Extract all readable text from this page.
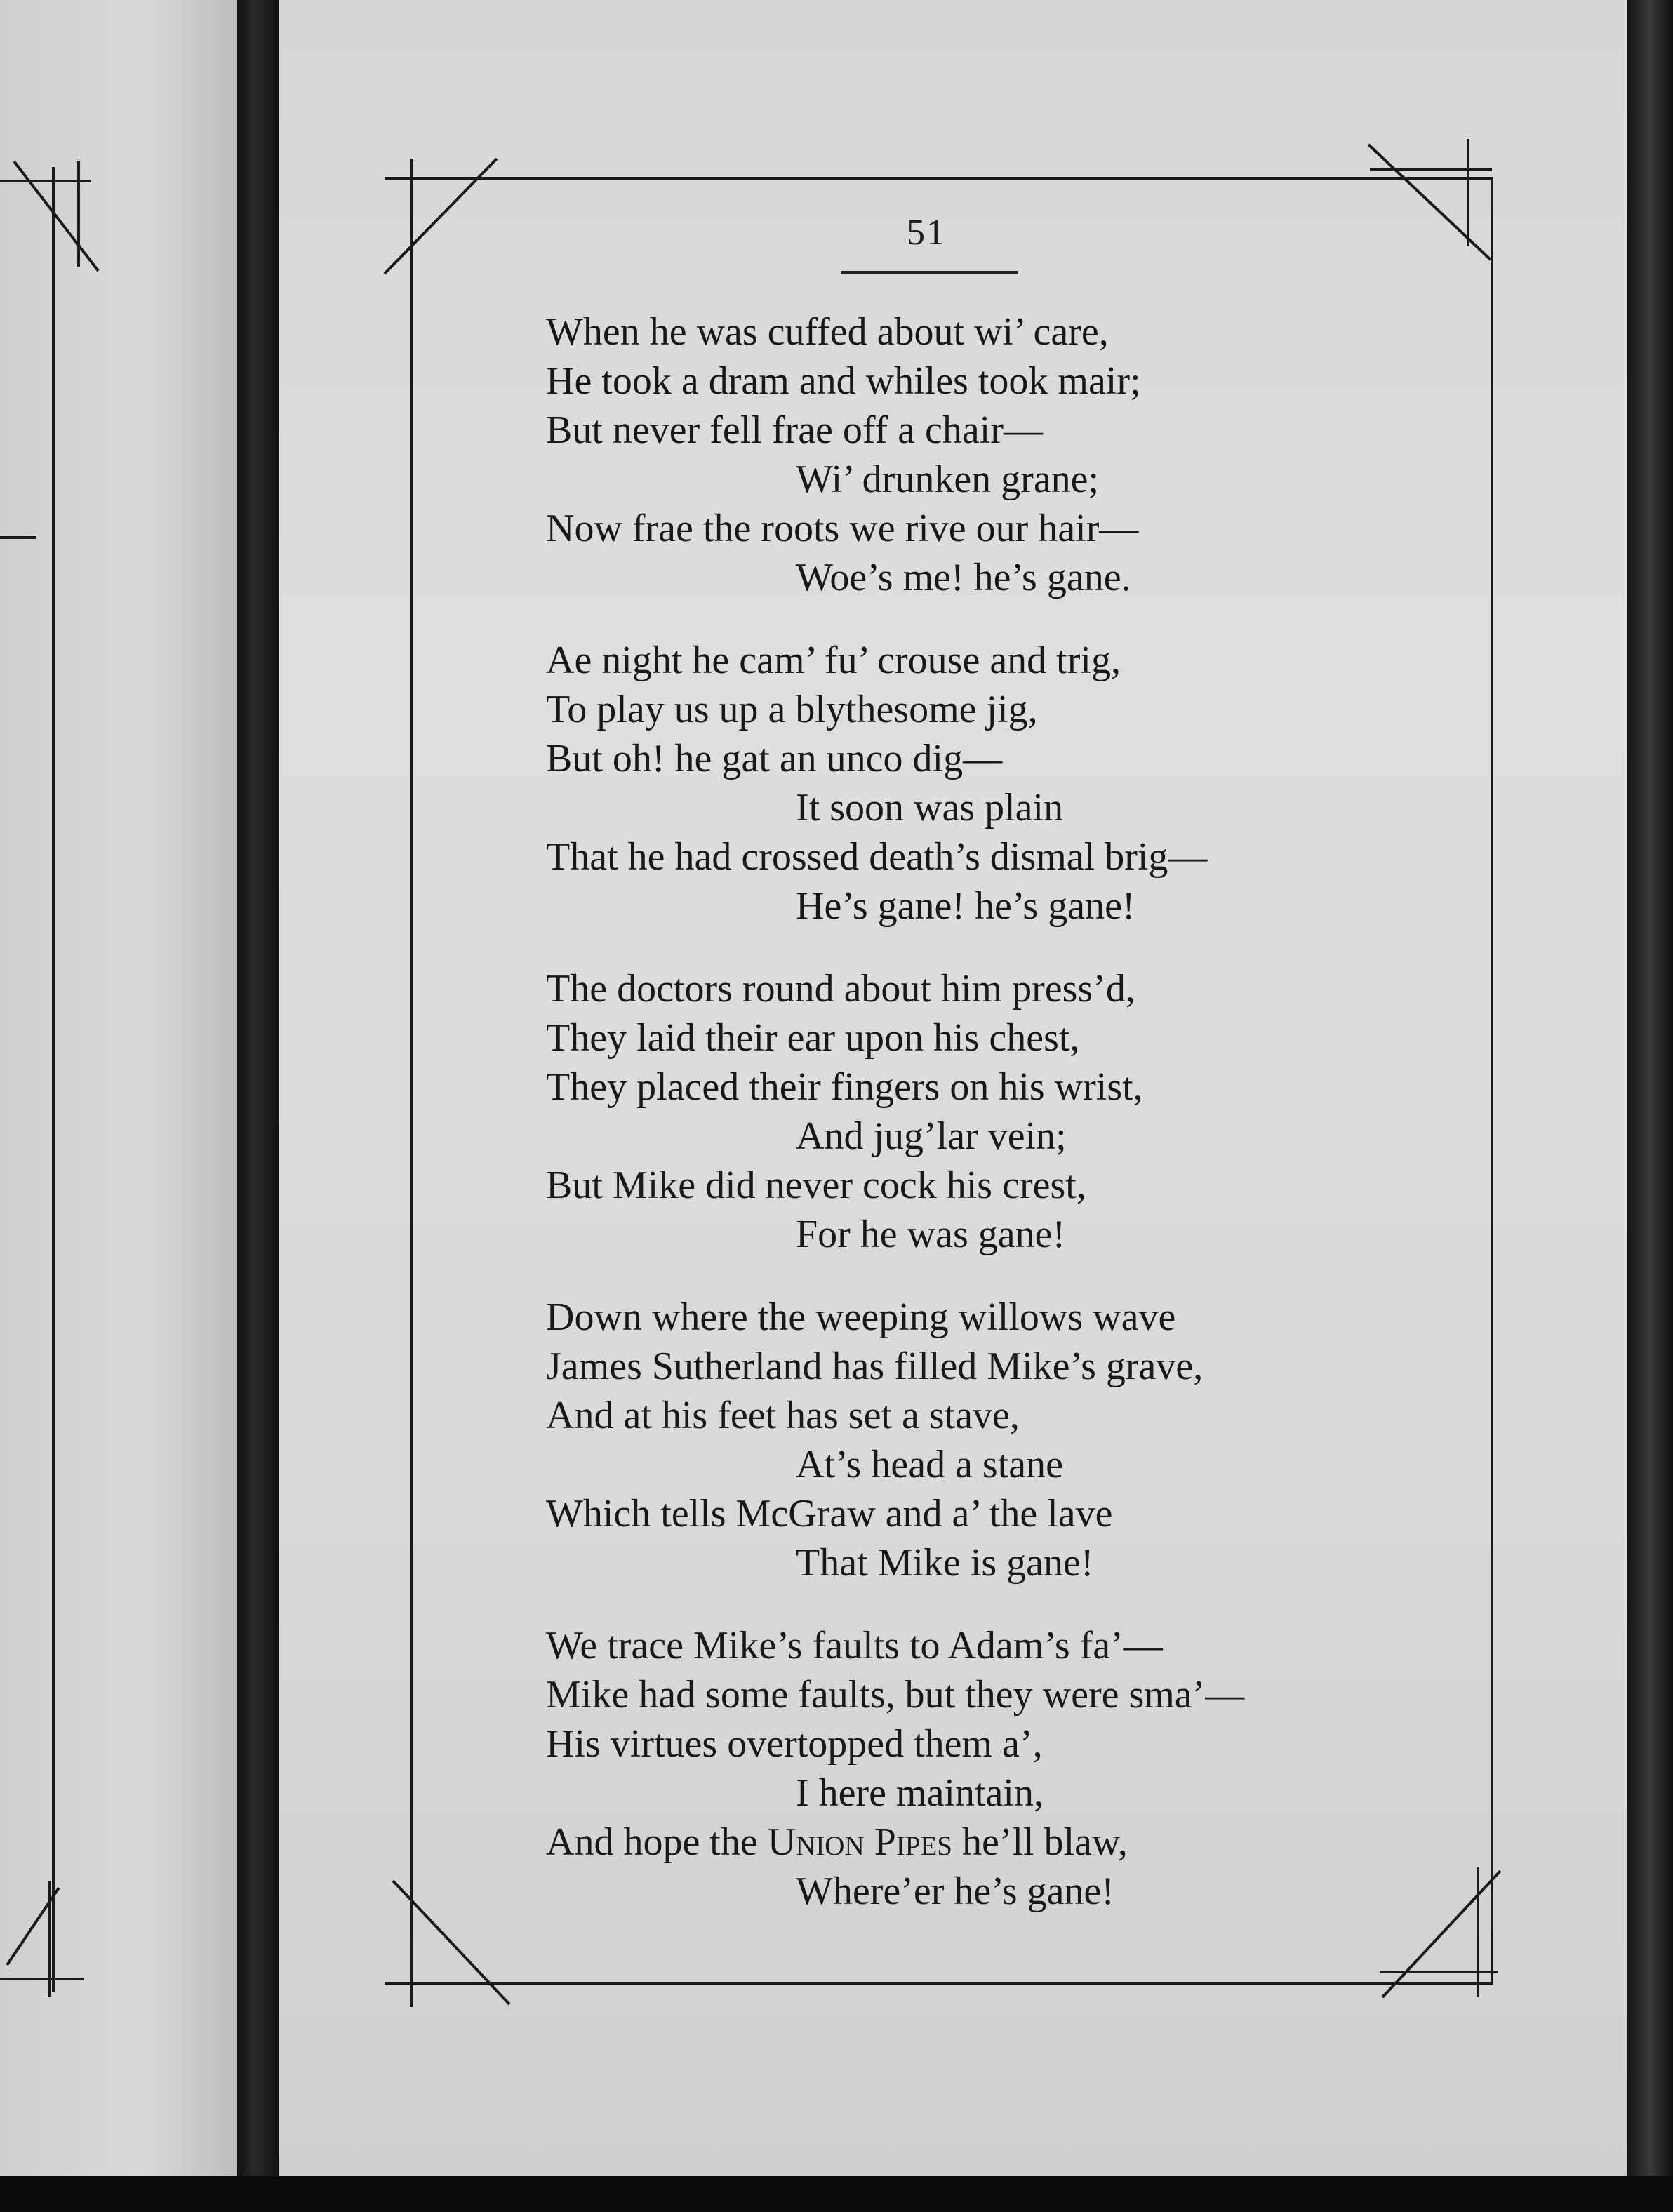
51
When he was cuffed about wi’ care,
He took a dram and whiles took mair;
But never fell frae off a chair—
Wi’ drunken grane;
Now frae the roots we rive our hair—
Woe’s me! he’s gane.
Ae night he cam’ fu’ crouse and trig,
To play us up a blythesome jig,
But oh! he gat an unco dig—
It soon was plain
That he had crossed death’s dismal brig—
He’s gane! he’s gane!
The doctors round about him press’d,
They laid their ear upon his chest,
They placed their fingers on his wrist,
And jug’lar vein;
But Mike did never cock his crest,
For he was gane!
Down where the weeping willows wave
James Sutherland has filled Mike’s grave,
And at his feet has set a stave,
At’s head a stane
Which tells McGraw and a’ the lave
That Mike is gane!
We trace Mike’s faults to Adam’s fa’—
Mike had some faults, but they were sma’—
His virtues overtopped them a’,
I here maintain,
And hope the Union Pipes he’ll blaw,
Where’er he’s gane!
